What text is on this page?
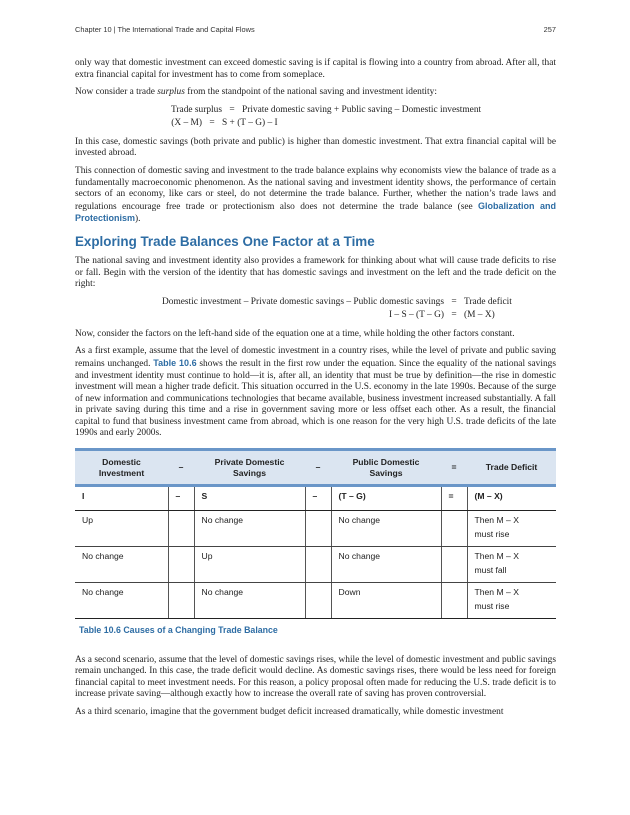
Chapter 10 | The International Trade and Capital Flows	257

only way that domestic investment can exceed domestic saving is if capital is flowing into a country from abroad. After all, that extra financial capital for investment has to come from someplace.

Now consider a trade surplus from the standpoint of the national saving and investment identity:

Trade surplus = Private domestic saving + Public saving – Domestic investment
(X – M) = S + (T – G) – I

In this case, domestic savings (both private and public) is higher than domestic investment. That extra financial capital will be invested abroad.

This connection of domestic saving and investment to the trade balance explains why economists view the balance of trade as a fundamentally macroeconomic phenomenon. As the national saving and investment identity shows, the performance of certain sectors of an economy, like cars or steel, do not determine the trade balance. Further, whether the nation’s trade laws and regulations encourage free trade or protectionism also does not determine the trade balance (see Globalization and Protectionism).

Exploring Trade Balances One Factor at a Time

The national saving and investment identity also provides a framework for thinking about what will cause trade deficits to rise or fall. Begin with the version of the identity that has domestic savings and investment on the left and the trade deficit on the right:

Domestic investment – Private domestic savings – Public domestic savings = Trade deficit
I – S – (T – G) = (M – X)

Now, consider the factors on the left-hand side of the equation one at a time, while holding the other factors constant.

As a first example, assume that the level of domestic investment in a country rises, while the level of private and public saving remains unchanged. Table 10.6 shows the result in the first row under the equation. Since the equality of the national savings and investment identity must continue to hold—it is, after all, an identity that must be true by definition—the rise in domestic investment will mean a higher trade deficit. This situation occurred in the U.S. economy in the late 1990s. Because of the surge of new information and communications technologies that became available, business investment increased substantially. A fall in private saving during this time and a rise in government saving more or less offset each other. As a result, the financial capital to fund that business investment came from abroad, which is one reason for the very high U.S. trade deficits of the late 1990s and early 2000s.

Domestic Investment	–	Private Domestic Savings	–	Public Domestic Savings	=	Trade Deficit
I	–	S	–	(T – G)	=	(M – X)
Up		No change		No change		Then M – X
must rise
No change		Up		No change		Then M – X
must fall
No change		No change		Down		Then M – X
must rise
Table 10.6 Causes of a Changing Trade Balance

As a second scenario, assume that the level of domestic savings rises, while the level of domestic investment and public savings remain unchanged. In this case, the trade deficit would decline. As domestic savings rises, there would be less need for foreign financial capital to meet investment needs. For this reason, a policy proposal often made for reducing the U.S. trade deficit is to increase private saving—although exactly how to increase the overall rate of saving has proven controversial.

As a third scenario, imagine that the government budget deficit increased dramatically, while domestic investment
